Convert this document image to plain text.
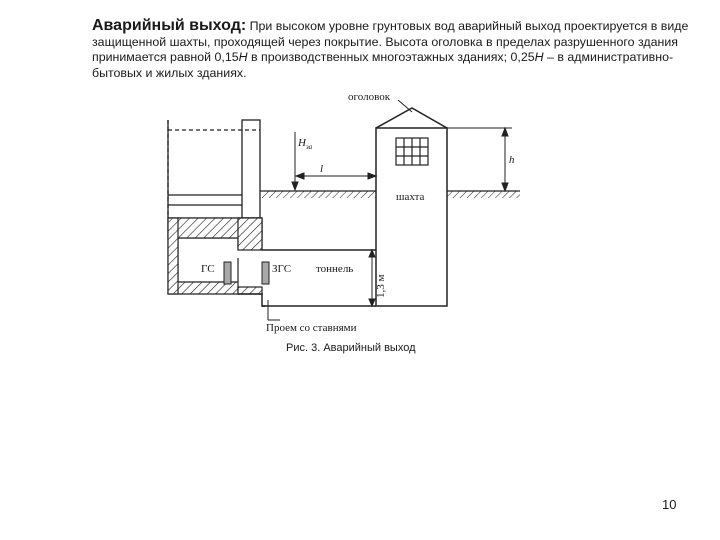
Аварийный выход: При высоком уровне грунтовых вод аварийный выход проектируется в виде защищенной шахты, проходящей через покрытие. Высота оголовка в пределах разрушенного здания принимается равной 0,15H в производственных многоэтажных зданиях; 0,25H – в административно-бытовых и жилых зданиях.
оголовок
шахта
тоннель
ГС	ЗГС
Проем со ставнями
$H_{за}$
l
h
1,3 м
Рис. 3. Аварийный выход
10
